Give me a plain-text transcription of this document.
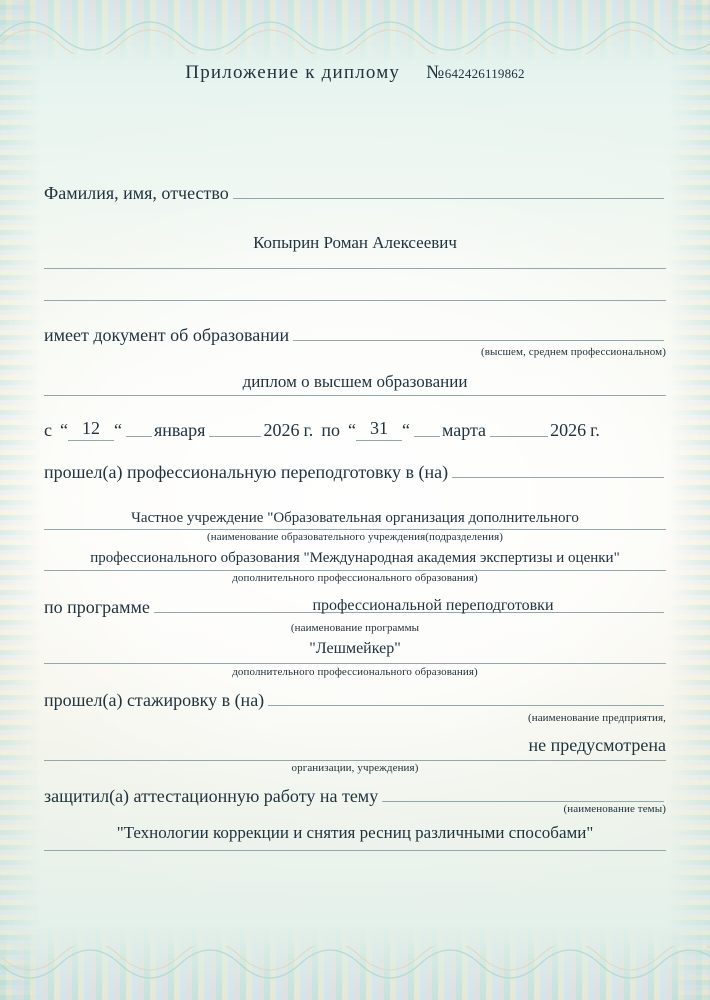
Приложение к диплому №642426119862
Фамилия, имя, отчество
Копырин Роман Алексеевич
имеет документ об образовании
(высшем, среднем профессиональном)
диплом о высшем образовании
с “ 12 “ января	2026 г. по “ 31 “ марта	2026 г.
прошел(а) профессиональную переподготовку в (на)
Частное учреждение "Образовательная организация дополнительного
(наименование образовательного учреждения(подразделения)
профессионального образования "Международная академия экспертизы и оценки"
дополнительного профессионального образования)
по программе	профессиональной переподготовки
(наименование программы
"Лешмейкер"
дополнительного профессионального образования)
прошел(а) стажировку в (на)
(наименование предприятия,
не предусмотрена
организации, учреждения)
защитил(а) аттестационную работу на тему
(наименование темы)
"Технологии коррекции и снятия ресниц различными способами"
